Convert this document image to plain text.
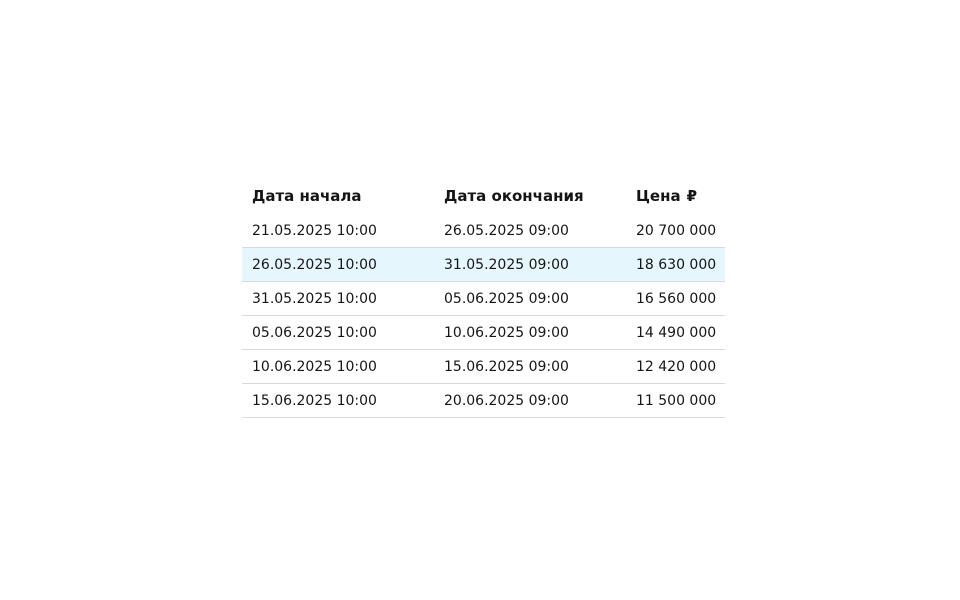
Дата начала	Дата окончания	Цена ₽
21.05.2025 10:00	26.05.2025 09:00	20 700 000
26.05.2025 10:00	31.05.2025 09:00	18 630 000
31.05.2025 10:00	05.06.2025 09:00	16 560 000
05.06.2025 10:00	10.06.2025 09:00	14 490 000
10.06.2025 10:00	15.06.2025 09:00	12 420 000
15.06.2025 10:00	20.06.2025 09:00	11 500 000
